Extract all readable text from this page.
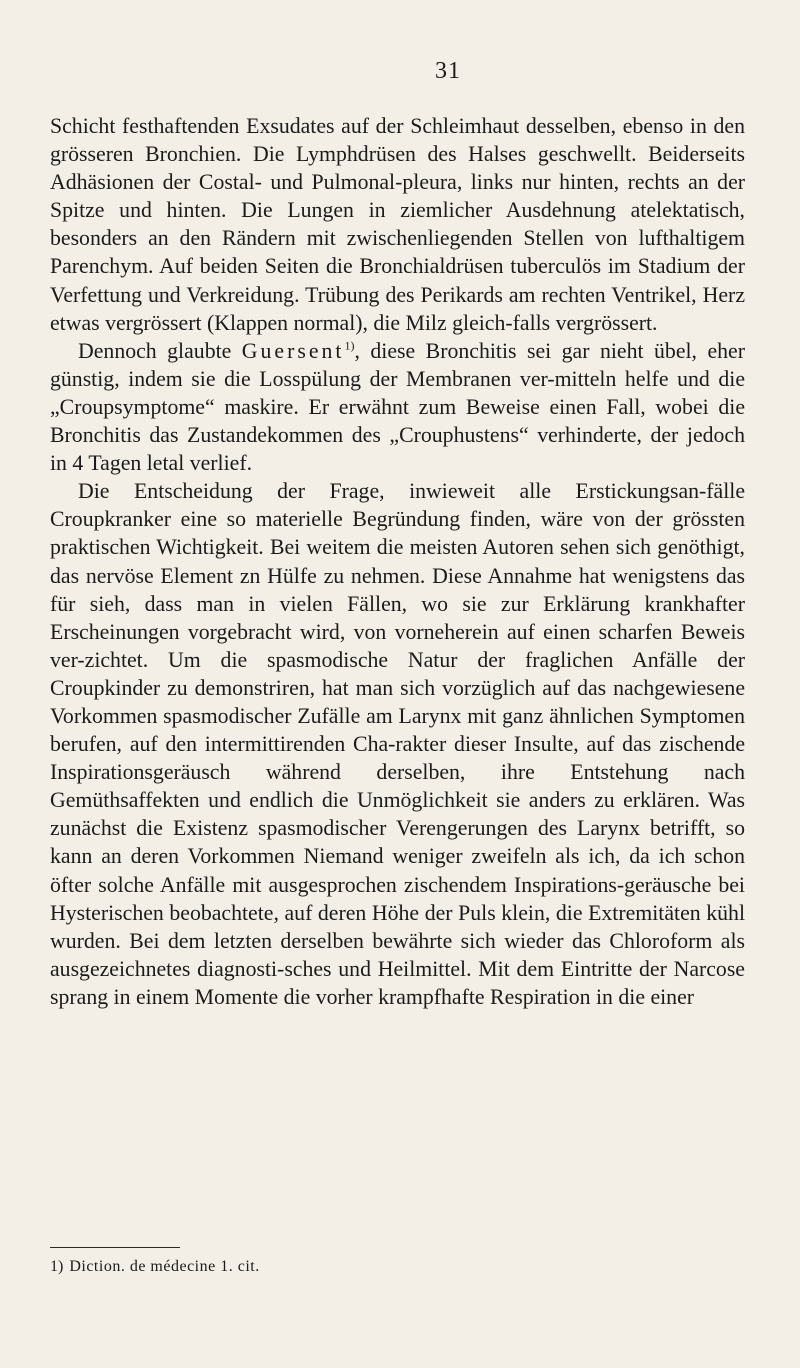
31

Schicht festhaftenden Exsudates auf der Schleimhaut desselben, ebenso in den grösseren Bronchien. Die Lymphdrüsen des Halses geschwellt. Beiderseits Adhäsionen der Costal- und Pulmonal-pleura, links nur hinten, rechts an der Spitze und hinten. Die Lungen in ziemlicher Ausdehnung atelektatisch, besonders an den Rändern mit zwischenliegenden Stellen von lufthaltigem Parenchym. Auf beiden Seiten die Bronchialdrüsen tuberculös im Stadium der Verfettung und Verkreidung. Trübung des Perikards am rechten Ventrikel, Herz etwas vergrössert (Klappen normal), die Milz gleich-falls vergrössert.

Dennoch glaubte Guersent$^{1)}$, diese Bronchitis sei gar nieht übel, eher günstig, indem sie die Losspülung der Membranen ver-mitteln helfe und die „Croupsymptome“ maskire. Er erwähnt zum Beweise einen Fall, wobei die Bronchitis das Zustandekommen des „Crouphustens“ verhinderte, der jedoch in 4 Tagen letal verlief.

Die Entscheidung der Frage, inwieweit alle Erstickungsan-fälle Croupkranker eine so materielle Begründung finden, wäre von der grössten praktischen Wichtigkeit. Bei weitem die meisten Autoren sehen sich genöthigt, das nervöse Element zn Hülfe zu nehmen. Diese Annahme hat wenigstens das für sieh, dass man in vielen Fällen, wo sie zur Erklärung krankhafter Erscheinungen vorgebracht wird, von vorneherein auf einen scharfen Beweis ver-zichtet. Um die spasmodische Natur der fraglichen Anfälle der Croupkinder zu demonstriren, hat man sich vorzüglich auf das nachgewiesene Vorkommen spasmodischer Zufälle am Larynx mit ganz ähnlichen Symptomen berufen, auf den intermittirenden Cha-rakter dieser Insulte, auf das zischende Inspirationsgeräusch während derselben, ihre Entstehung nach Gemüthsaffekten und endlich die Unmöglichkeit sie anders zu erklären. Was zunächst die Existenz spasmodischer Verengerungen des Larynx betrifft, so kann an deren Vorkommen Niemand weniger zweifeln als ich, da ich schon öfter solche Anfälle mit ausgesprochen zischendem Inspirations-geräusche bei Hysterischen beobachtete, auf deren Höhe der Puls klein, die Extremitäten kühl wurden. Bei dem letzten derselben bewährte sich wieder das Chloroform als ausgezeichnetes diagnosti-sches und Heilmittel. Mit dem Eintritte der Narcose sprang in einem Momente die vorher krampfhafte Respiration in die einer

1) Diction. de médecine 1. cit.
